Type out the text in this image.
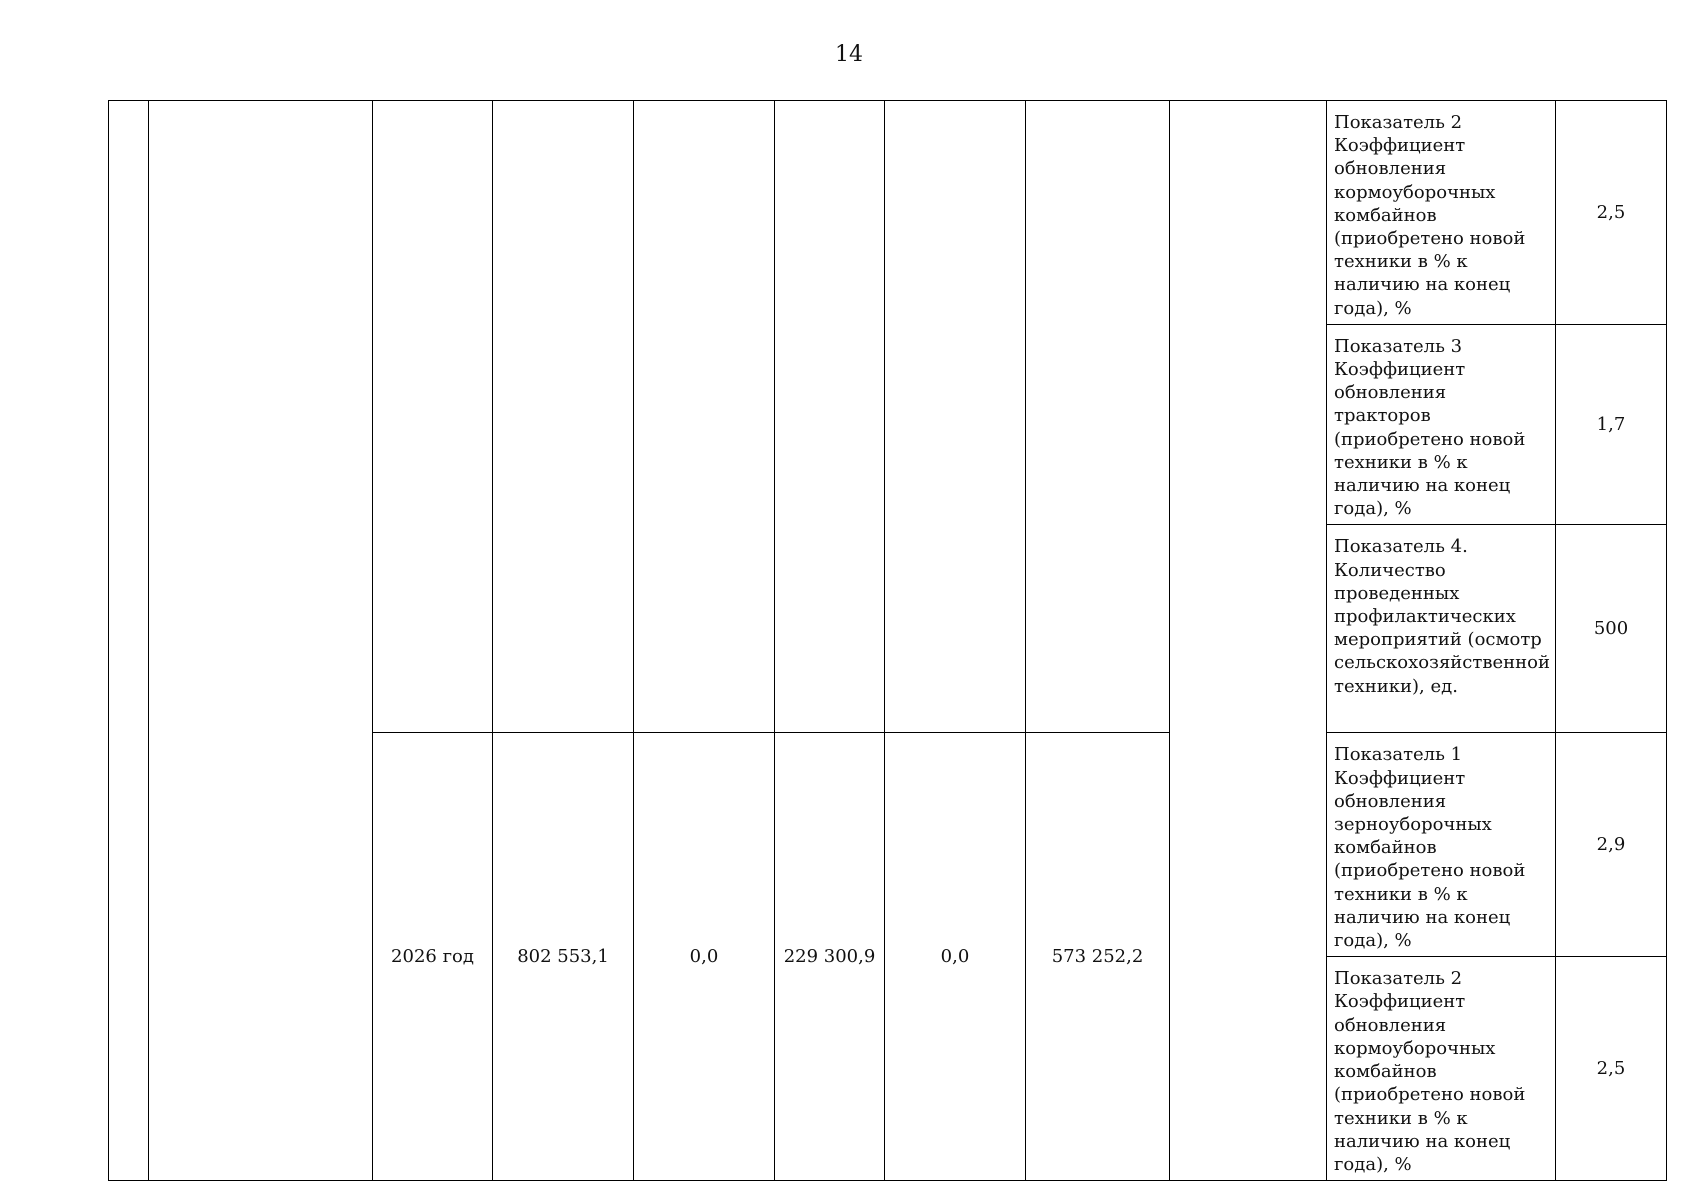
14
									Показатель 2 Коэффициент обновления кормоуборочных комбайнов (приобретено новой техники в % к наличию на конец года), %	2,5
									Показатель 3 Коэффициент обновления тракторов (приобретено новой техники в % к наличию на конец года), %	1,7
									Показатель 4. Количество проведенных профилактических мероприятий (осмотр сельскохозяйственной техники), ед.	500
		2026 год	802 553,1	0,0	229 300,9	0,0	573 252,2		Показатель 1 Коэффициент обновления зерноуборочных комбайнов (приобретено новой техники в % к наличию на конец года), %	2,9
									Показатель 2 Коэффициент обновления кормоуборочных комбайнов (приобретено новой техники в % к наличию на конец года), %	2,5
